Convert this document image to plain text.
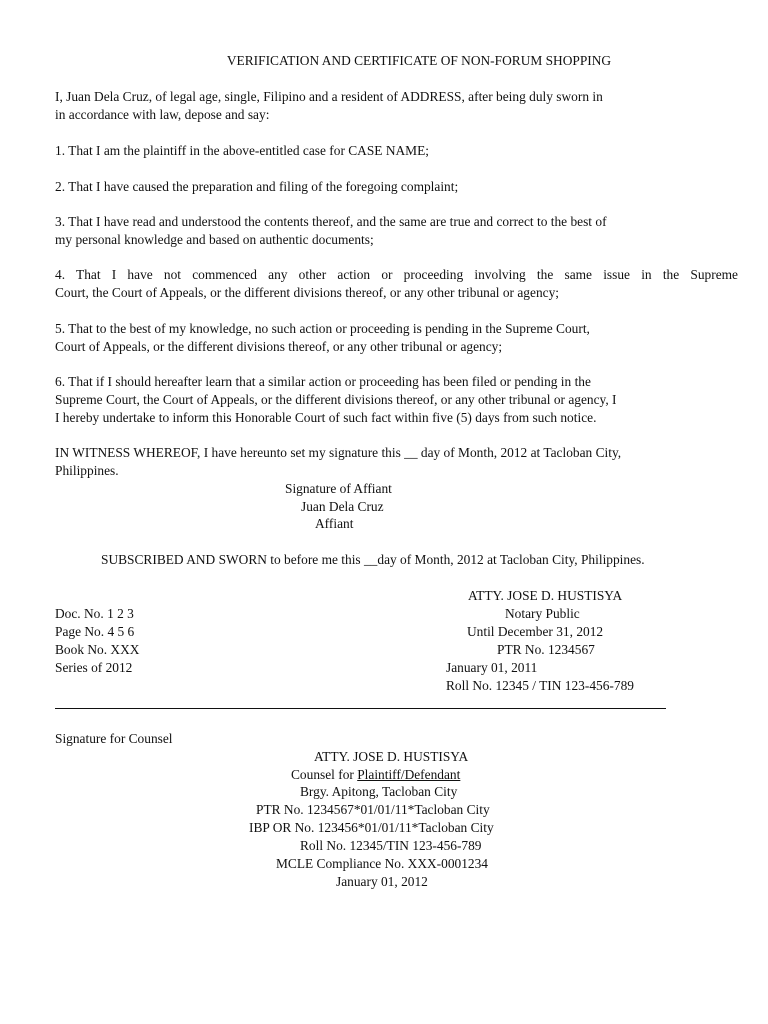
VERIFICATION AND CERTIFICATE OF NON-FORUM SHOPPING
I, Juan Dela Cruz, of legal age, single, Filipino and a resident of ADDRESS, after being duly sworn in
in accordance with law, depose and say:
1. That I am the plaintiff in the above-entitled case for CASE NAME;
2. That I have caused the preparation and filing of the foregoing complaint;
3. That I have read and understood the contents thereof, and the same are true and correct to the best of
my personal knowledge and based on authentic documents;
4. That I have not commenced any other action or proceeding involving the same issue in the Supreme
Court, the Court of Appeals, or the different divisions thereof, or any other tribunal or agency;
5. That to the best of my knowledge, no such action or proceeding is pending in the Supreme Court,
Court of Appeals, or the different divisions thereof, or any other tribunal or agency;
6. That if I should hereafter learn that a similar action or proceeding has been filed or pending in the
Supreme Court, the Court of Appeals, or the different divisions thereof, or any other tribunal or agency, I
I hereby undertake to inform this Honorable Court of such fact within five (5) days from such notice.
IN WITNESS WHEREOF, I have hereunto set my signature this __ day of Month, 2012 at Tacloban City,
Philippines.
Signature of Affiant
Juan Dela Cruz
Affiant
SUBSCRIBED AND SWORN to before me this __day of Month, 2012 at Tacloban City, Philippines.
ATTY. JOSE D. HUSTISYA
Doc. No. 1 2 3	Notary Public
Page No. 4 5 6	Until December 31, 2012
Book No. XXX	PTR No. 1234567
Series of 2012	January 01, 2011
Roll No. 12345 / TIN 123-456-789
Signature for Counsel
ATTY. JOSE D. HUSTISYA
Counsel for Plaintiff/Defendant
Brgy. Apitong, Tacloban City
PTR No. 1234567*01/01/11*Tacloban City
IBP OR No. 123456*01/01/11*Tacloban City
Roll No. 12345/TIN 123-456-789
MCLE Compliance No. XXX-0001234
January 01, 2012
